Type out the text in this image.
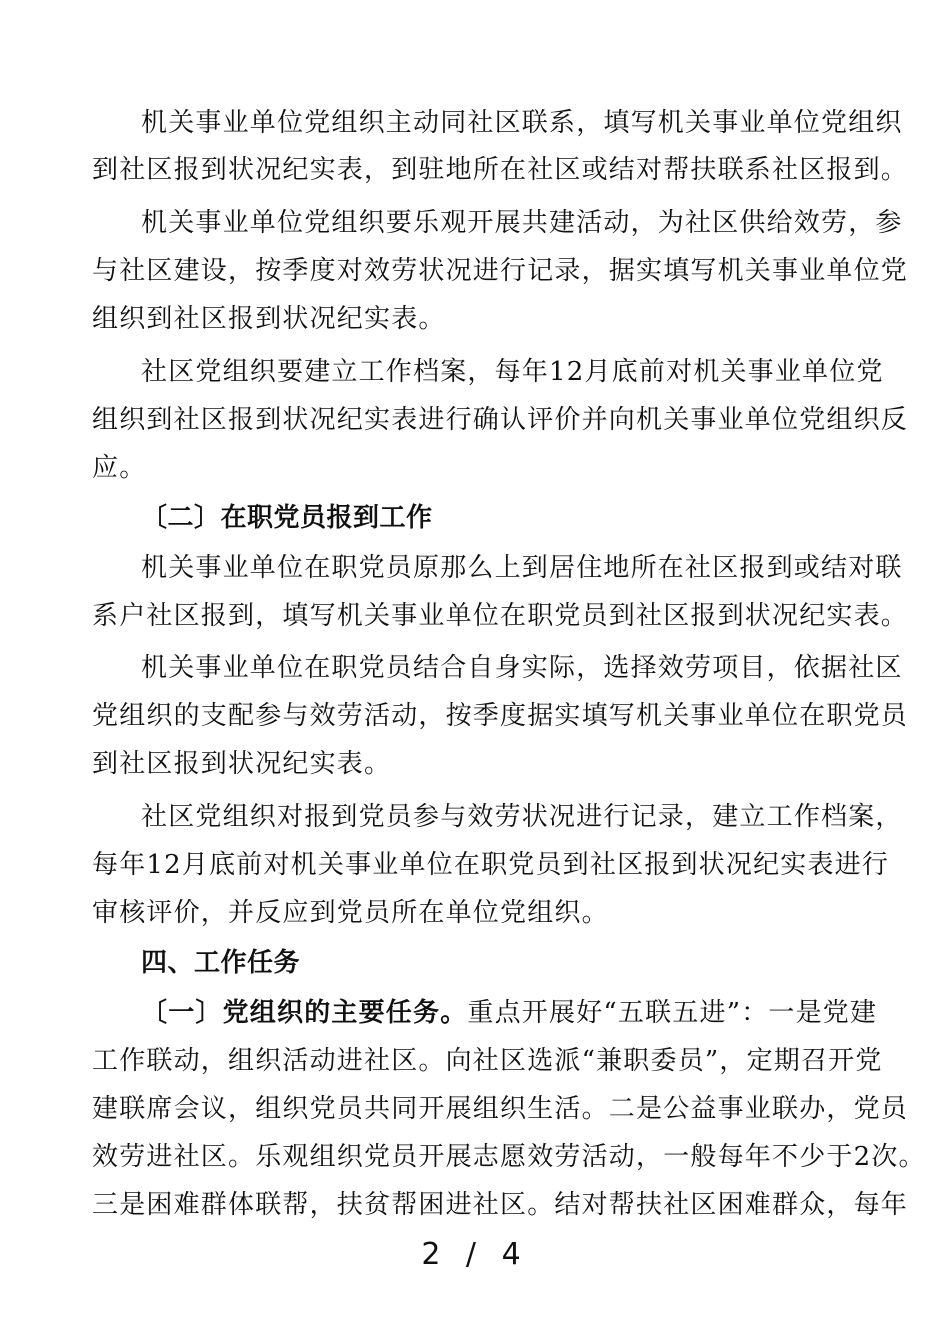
机关事业单位党组织主动同社区联系，填写机关事业单位党组织
到社区报到状况纪实表，到驻地所在社区或结对帮扶联系社区报到。
机关事业单位党组织要乐观开展共建活动，为社区供给效劳，参
与社区建设，按季度对效劳状况进行记录，据实填写机关事业单位党
组织到社区报到状况纪实表。
社区党组织要建立工作档案，每年12月底前对机关事业单位党
组织到社区报到状况纪实表进行确认评价并向机关事业单位党组织反
应。
〔二〕在职党员报到工作
机关事业单位在职党员原那么上到居住地所在社区报到或结对联
系户社区报到，填写机关事业单位在职党员到社区报到状况纪实表。
机关事业单位在职党员结合自身实际，选择效劳项目，依据社区
党组织的支配参与效劳活动，按季度据实填写机关事业单位在职党员
到社区报到状况纪实表。
社区党组织对报到党员参与效劳状况进行记录，建立工作档案，
每年12月底前对机关事业单位在职党员到社区报到状况纪实表进行
审核评价，并反应到党员所在单位党组织。
四、工作任务
〔一〕党组织的主要任务。重点开展好“五联五进”：一是党建
工作联动，组织活动进社区。向社区选派“兼职委员”，定期召开党
建联席会议，组织党员共同开展组织生活。二是公益事业联办，党员
效劳进社区。乐观组织党员开展志愿效劳活动，一般每年不少于2次。
三是困难群体联帮，扶贫帮困进社区。结对帮扶社区困难群众，每年
2 / 4
